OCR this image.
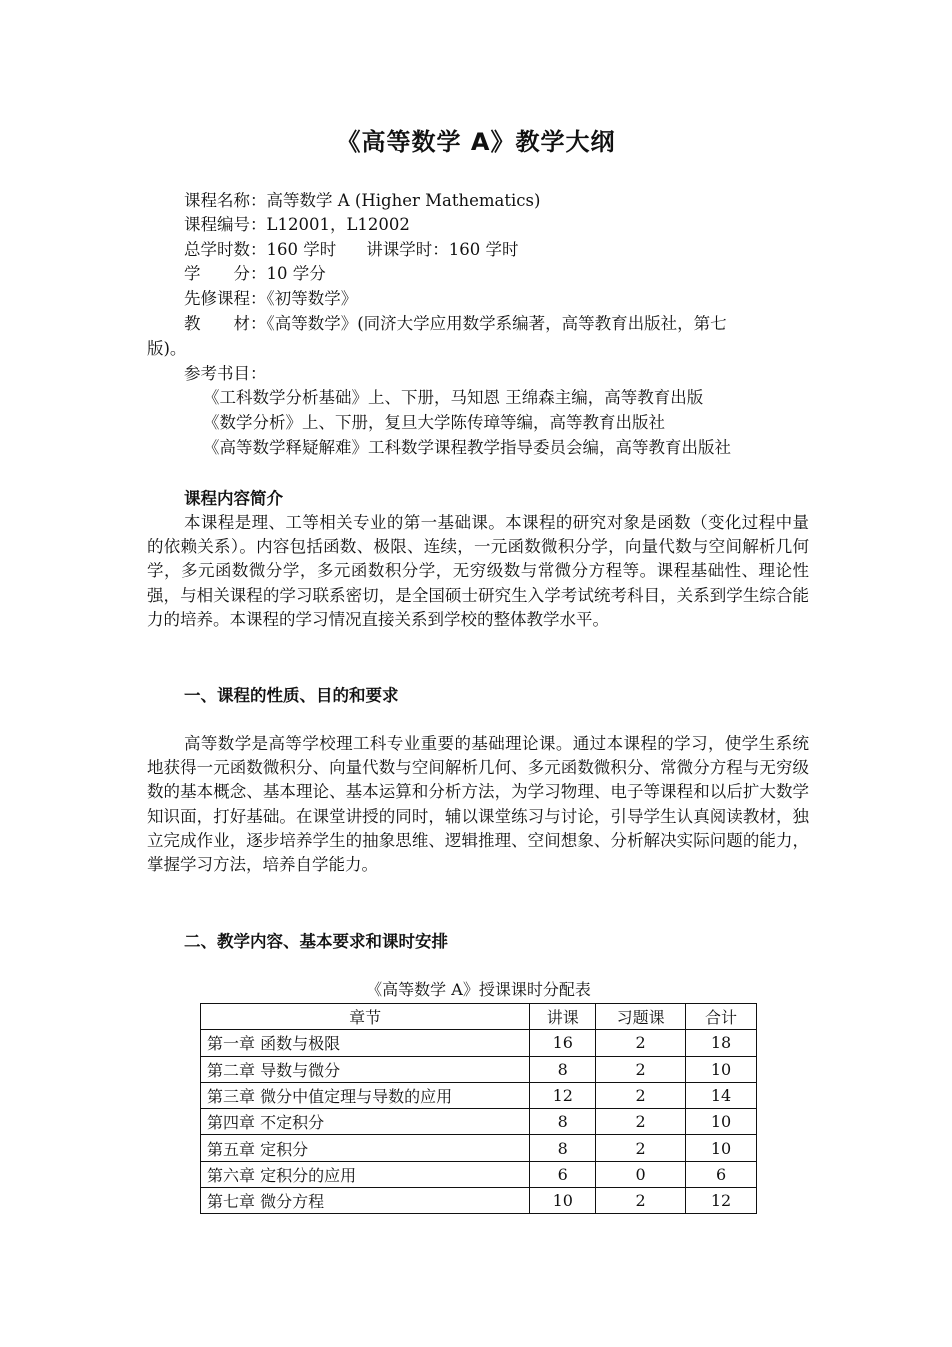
《高等数学 A》教学大纲
课程名称：高等数学 A (Higher Mathematics)
课程编号：L12001，L12002
总学时数：160 学时 讲课学时：160 学时
学 分：10 学分
先修课程：《初等数学》
教 材：《高等数学》(同济大学应用数学系编著，高等教育出版社，第七
版)。
参考书目：
《工科数学分析基础》上、下册，马知恩 王绵森主编，高等教育出版
《数学分析》上、下册，复旦大学陈传璋等编，高等教育出版社
《高等数学释疑解难》工科数学课程教学指导委员会编，高等教育出版社
课程内容简介
本课程是理、工等相关专业的第一基础课。本课程的研究对象是函数（变化过程中量的依赖关系）。内容包括函数、极限、连续，一元函数微积分学，向量代数与空间解析几何学，多元函数微分学，多元函数积分学，无穷级数与常微分方程等。课程基础性、理论性强，与相关课程的学习联系密切，是全国硕士研究生入学考试统考科目，关系到学生综合能力的培养。本课程的学习情况直接关系到学校的整体教学水平。
一、课程的性质、目的和要求
高等数学是高等学校理工科专业重要的基础理论课。通过本课程的学习，使学生系统地获得一元函数微积分、向量代数与空间解析几何、多元函数微积分、常微分方程与无穷级数的基本概念、基本理论、基本运算和分析方法，为学习物理、电子等课程和以后扩大数学知识面，打好基础。在课堂讲授的同时，辅以课堂练习与讨论，引导学生认真阅读教材，独立完成作业，逐步培养学生的抽象思维、逻辑推理、空间想象、分析解决实际问题的能力，掌握学习方法，培养自学能力。
二、教学内容、基本要求和课时安排
《高等数学 A》授课课时分配表
章节	讲课	习题课	合计
第一章 函数与极限	16	2	18
第二章 导数与微分	8	2	10
第三章 微分中值定理与导数的应用	12	2	14
第四章 不定积分	8	2	10
第五章 定积分	8	2	10
第六章 定积分的应用	6	0	6
第七章 微分方程	10	2	12
